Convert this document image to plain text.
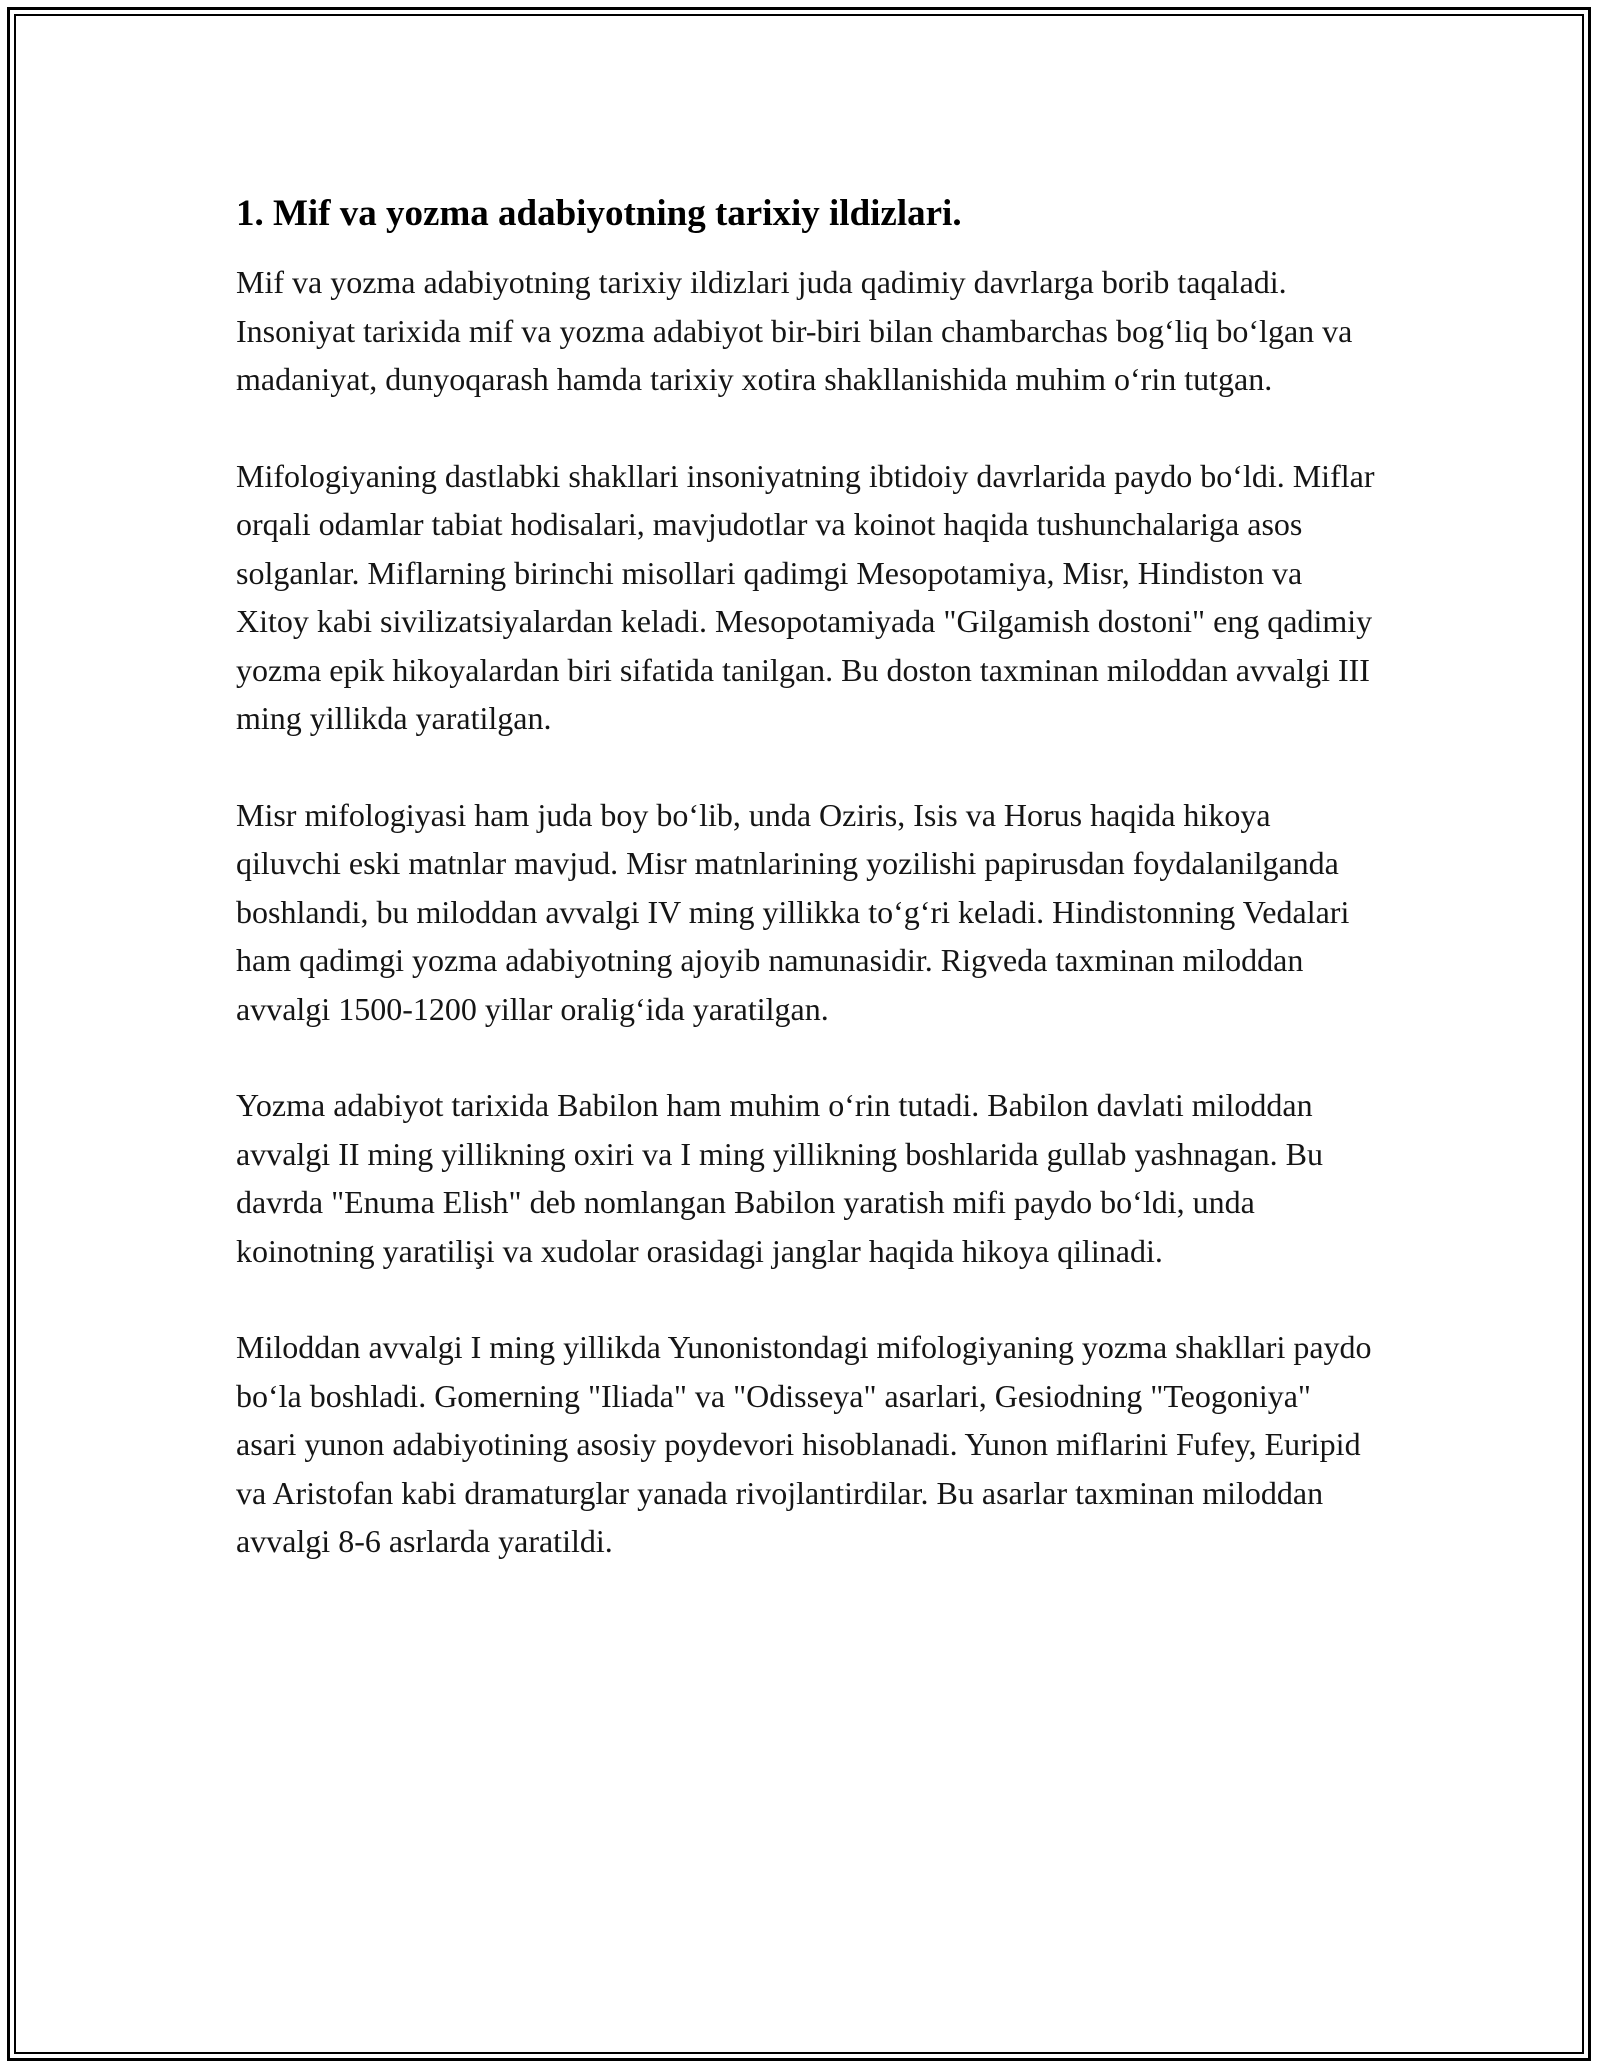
1. Mif va yozma adabiyotning tarixiy ildizlari.

Mif va yozma adabiyotning tarixiy ildizlari juda qadimiy davrlarga borib taqaladi. Insoniyat tarixida mif va yozma adabiyot bir-biri bilan chambarchas bog‘liq bo‘lgan va madaniyat, dunyoqarash hamda tarixiy xotira shakllanishida muhim o‘rin tutgan.

Mifologiyaning dastlabki shakllari insoniyatning ibtidoiy davrlarida paydo bo‘ldi. Miflar orqali odamlar tabiat hodisalari, mavjudotlar va koinot haqida tushunchalariga asos solganlar. Miflarning birinchi misollari qadimgi Mesopotamiya, Misr, Hindiston va Xitoy kabi sivilizatsiyalardan keladi. Mesopotamiyada "Gilgamish dostoni" eng qadimiy yozma epik hikoyalardan biri sifatida tanilgan. Bu doston taxminan miloddan avvalgi III ming yillikda yaratilgan.

Misr mifologiyasi ham juda boy bo‘lib, unda Oziris, Isis va Horus haqida hikoya qiluvchi eski matnlar mavjud. Misr matnlarining yozilishi papirusdan foydalanilganda boshlandi, bu miloddan avvalgi IV ming yillikka to‘g‘ri keladi. Hindistonning Vedalari ham qadimgi yozma adabiyotning ajoyib namunasidir. Rigveda taxminan miloddan avvalgi 1500-1200 yillar oralig‘ida yaratilgan.

Yozma adabiyot tarixida Babilon ham muhim o‘rin tutadi. Babilon davlati miloddan avvalgi II ming yillikning oxiri va I ming yillikning boshlarida gullab yashnagan. Bu davrda "Enuma Elish" deb nomlangan Babilon yaratish mifi paydo bo‘ldi, unda koinotning yaratilişi va xudolar orasidagi janglar haqida hikoya qilinadi.

Miloddan avvalgi I ming yillikda Yunonistondagi mifologiyaning yozma shakllari paydo bo‘la boshladi. Gomerning "Iliada" va "Odisseya" asarlari, Gesiodning "Teogoniya" asari yunon adabiyotining asosiy poydevori hisoblanadi. Yunon miflarini Fufey, Euripid va Aristofan kabi dramaturglar yanada rivojlantirdilar. Bu asarlar taxminan miloddan avvalgi 8-6 asrlarda yaratildi.
